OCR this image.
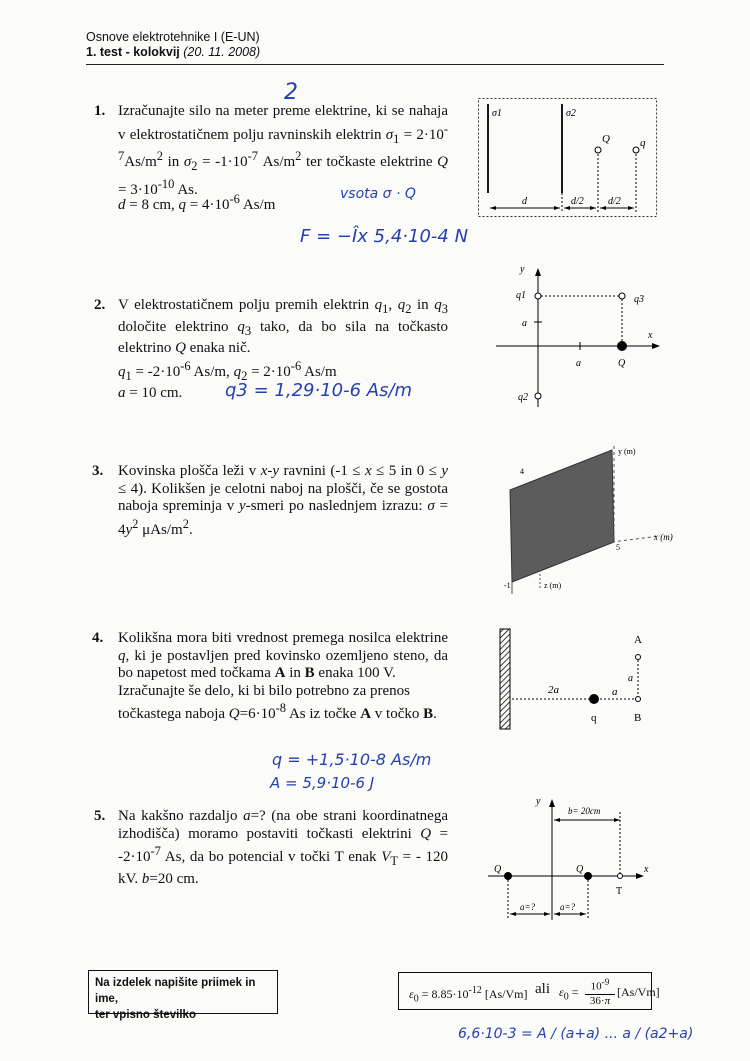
Osnove elektrotehnike I (E-UN)
1. test - kolokvij (20. 11. 2008)
1. Izračunajte silo na meter preme elektrine, ki se nahaja v elektrostatičnem polju ravninskih elektrin $\sigma_1 = 2\cdot 10^{-7}As/m^2$ in $\sigma_2 = -1\cdot 10^{-7}$ $As/m^2$ ter točkaste elektrine $Q = 3\cdot 10^{-10}$ As.

d = 8 cm, $q = 4\cdot 10^{-6}$ As/m
vsota σ · Q
F = −Îx 5,4·10-4 N
2
σ1	σ2
Q	q
d	d/2 d/2
2. V elektrostatičnem polju premih elektrin $q_1$, $q_2$ in $q_3$ določite elektrino $q_3$ tako, da bo sila na točkasto elektrino Q enaka nič.

$q_1 = -2\cdot 10^{-6}$ As/m, $q_2 = 2\cdot 10^{-6}$ As/m

a = 10 cm.	q3 = 1,29·10-6 As/m
y
x
q1	q3
a
a	Q
q2
3. Kovinska plošča leži v x-y ravnini (-1 ≤ x ≤ 5 in 0 ≤ y ≤ 4). Kolikšen je celotni naboj na plošči, če se gostota naboja spreminja v y-smeri po naslednjem izrazu: $\sigma = 4y^2$ μAs/$m^2$.

y (m)
4
x (m)
5
-1	z (m)
4. Kolikšna mora biti vrednost premega nosilca elektrine q, ki je postavljen pred kovinsko ozemljeno steno, da bo napetost med točkama A in B enaka 100 V.

Izračunajte še delo, ki bi bilo potrebno za prenos točkastega naboja $Q=6\cdot 10^{-8}$ As iz točke A v točko B.

q = +1,5·10-8 As/m
A = 5,9·10-6 J
2a
q
a
A
a
B
5. Na kakšno razdaljo a=? (na obe strani koordinatnega izhodišča) moramo postaviti točkasti elektrini $Q = -2\cdot 10^{-7}$ As, da bo potencial v točki T enak $V_T$ = - 120 kV. b=20 cm.

y
x
b= 20cm
Q	Q
T
a=?	a=?
Na izdelek napišite priimek in ime,
ter vpisno številko
$\varepsilon_0 = 8.85\cdot 10^{-12}$ [As/Vm] ali $\varepsilon_0$ =	$10^{-9}$
36·π
[As/Vm]
6,6·10-3 = A / (a+a) ... a / (a2+a)
